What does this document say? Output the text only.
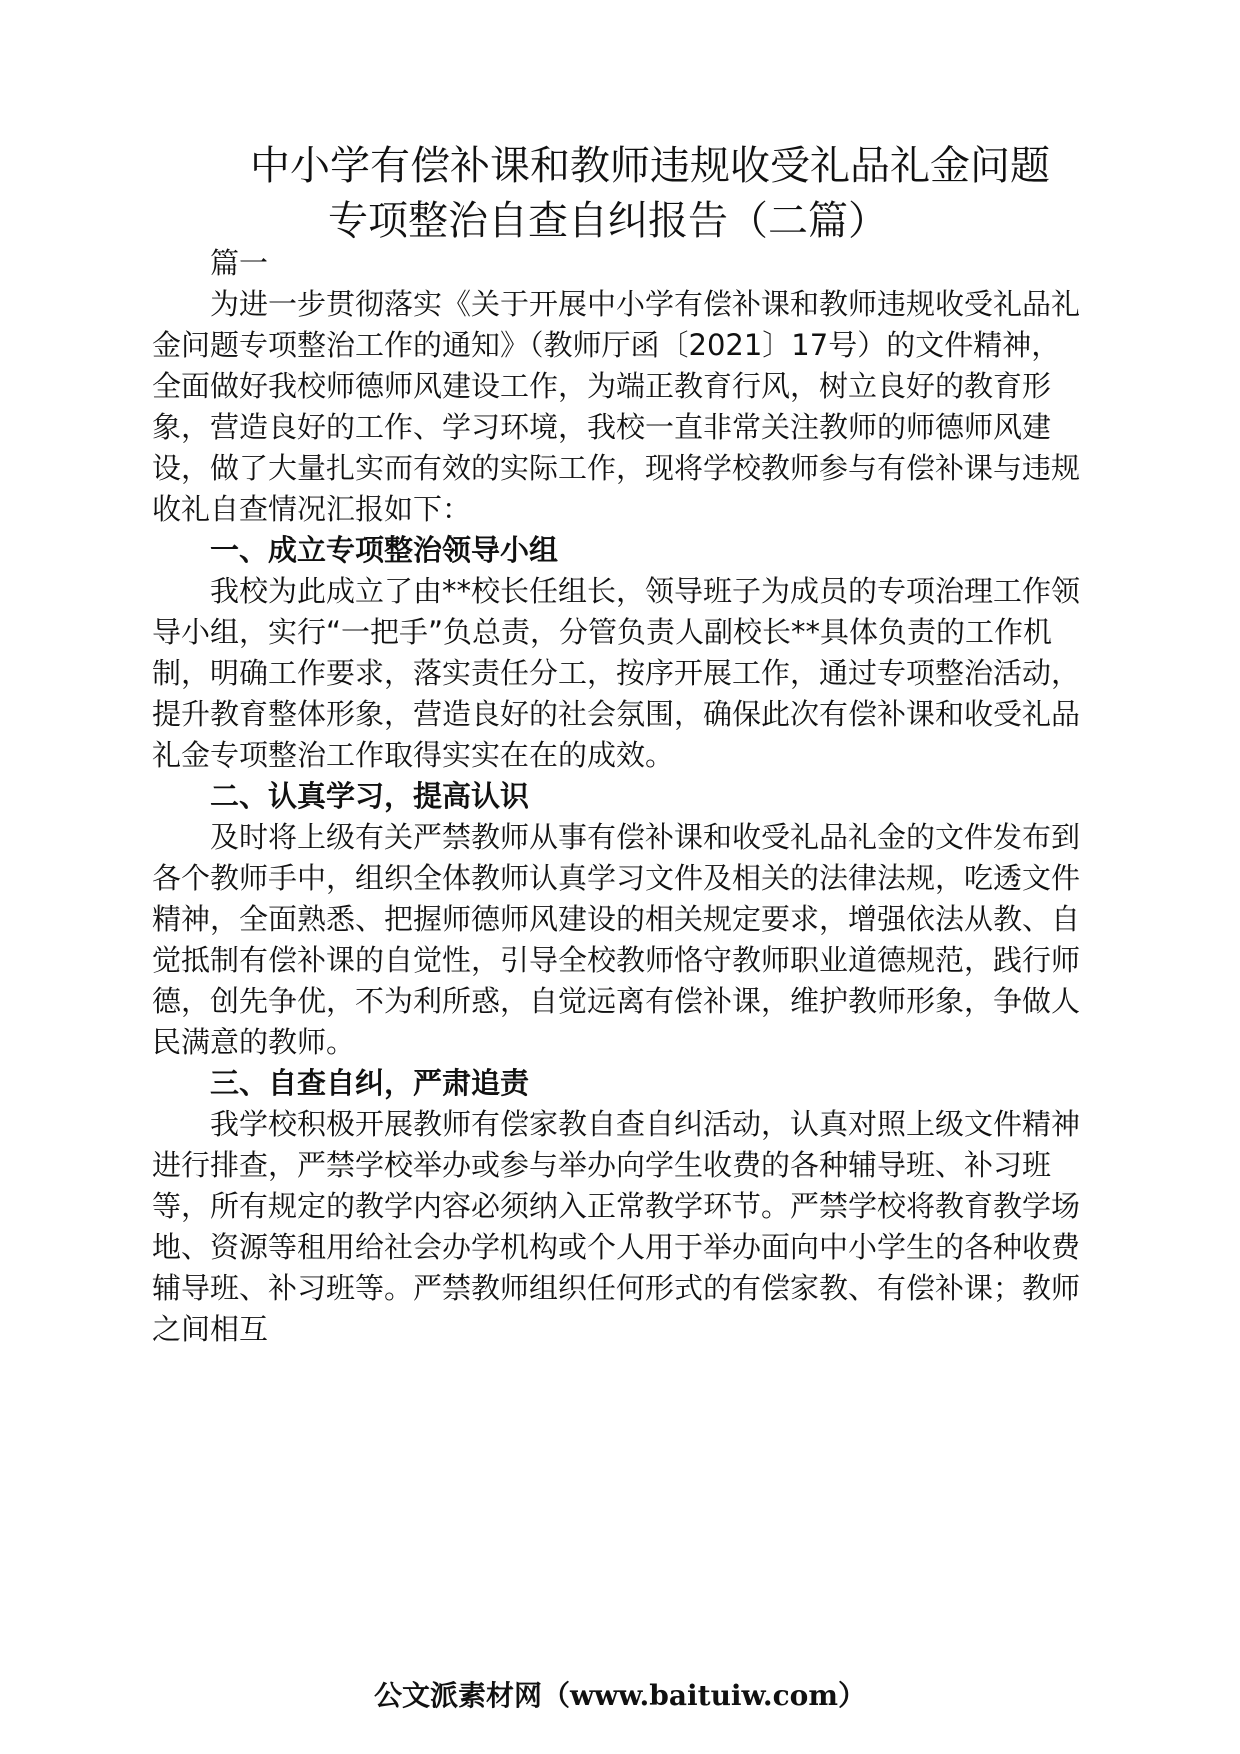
中小学有偿补课和教师违规收受礼品礼金问题
专项整治自查自纠报告（二篇）

篇一

为进一步贯彻落实《关于开展中小学有偿补课和教师违规收受礼品礼金问题专项整治工作的通知》（教师厅函〔2021〕17号）的文件精神，全面做好我校师德师风建设工作，为端正教育行风，树立良好的教育形象，营造良好的工作、学习环境，我校一直非常关注教师的师德师风建设，做了大量扎实而有效的实际工作，现将学校教师参与有偿补课与违规收礼自查情况汇报如下：

一、成立专项整治领导小组

我校为此成立了由**校长任组长，领导班子为成员的专项治理工作领导小组，实行“一把手”负总责，分管负责人副校长**具体负责的工作机制，明确工作要求，落实责任分工，按序开展工作，通过专项整治活动，提升教育整体形象，营造良好的社会氛围，确保此次有偿补课和收受礼品礼金专项整治工作取得实实在在的成效。

二、认真学习，提高认识

及时将上级有关严禁教师从事有偿补课和收受礼品礼金的文件发布到各个教师手中，组织全体教师认真学习文件及相关的法律法规，吃透文件精神，全面熟悉、把握师德师风建设的相关规定要求，增强依法从教、自觉抵制有偿补课的自觉性，引导全校教师恪守教师职业道德规范，践行师德，创先争优，不为利所惑，自觉远离有偿补课，维护教师形象，争做人民满意的教师。

三、自查自纠，严肃追责

我学校积极开展教师有偿家教自查自纠活动，认真对照上级文件精神进行排查，严禁学校举办或参与举办向学生收费的各种辅导班、补习班等，所有规定的教学内容必须纳入正常教学环节。严禁学校将教育教学场地、资源等租用给社会办学机构或个人用于举办面向中小学生的各种收费辅导班、补习班等。严禁教师组织任何形式的有偿家教、有偿补课；教师之间相互

公文派素材网（www.baituiw.com）
